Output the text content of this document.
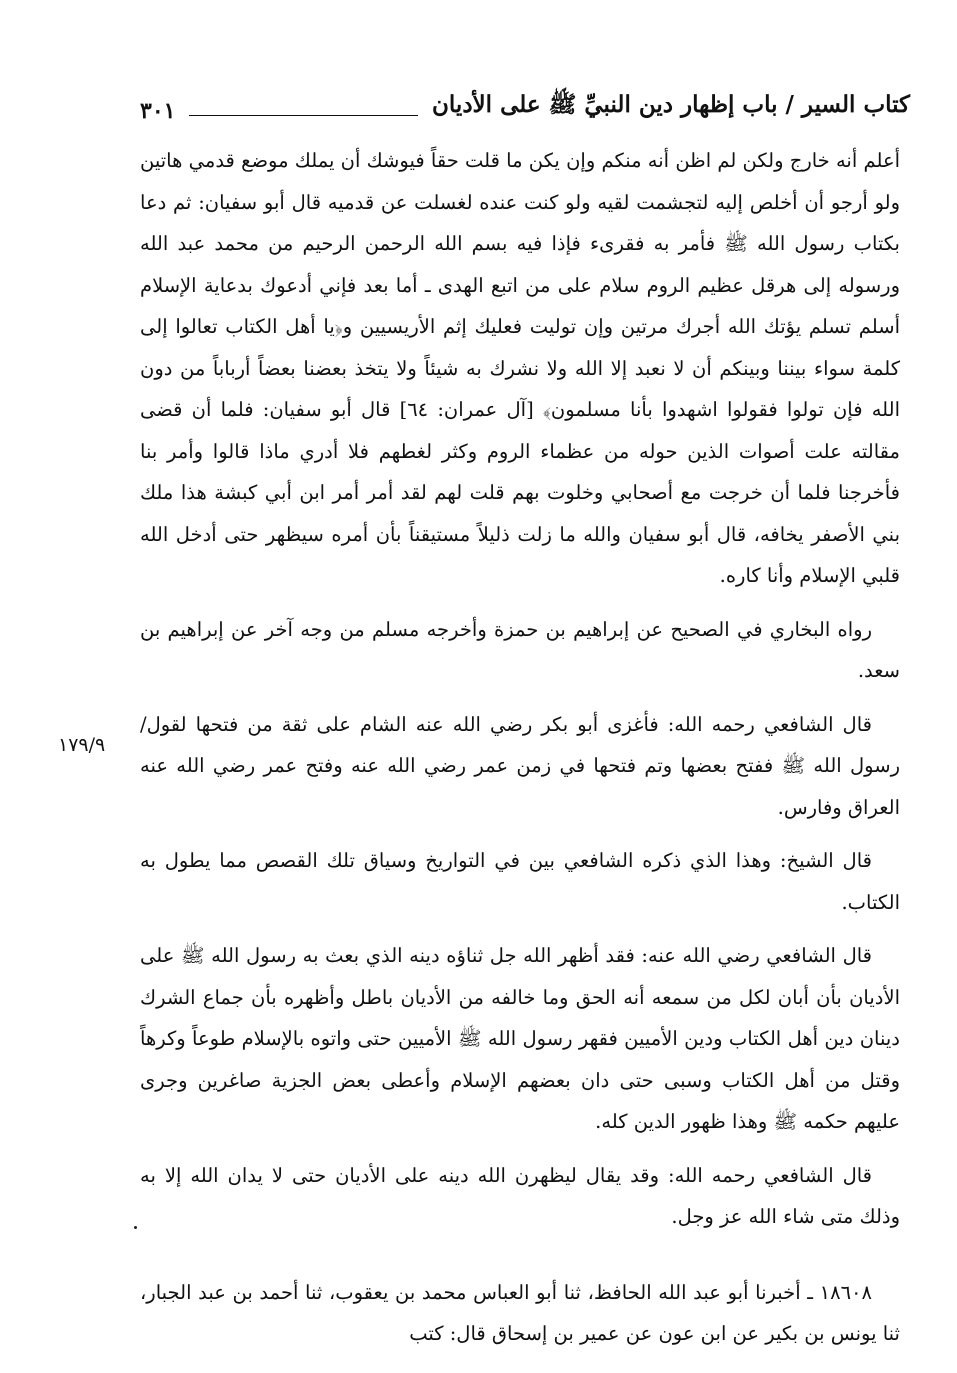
كتاب السير / باب إظهار دين النبيِّ ﷺ على الأديان
٣٠١
١٧٩/٩

أعلم أنه خارج ولكن لم اظن أنه منكم وإن يكن ما قلت حقاً فيوشك أن يملك موضع قدمي هاتين ولو أرجو أن أخلص إليه لتجشمت لقيه ولو كنت عنده لغسلت عن قدميه قال أبو سفيان: ثم دعا بكتاب رسول الله ﷺ فأمر به فقرىء فإذا فيه بسم الله الرحمن الرحيم من محمد عبد الله ورسوله إلى هرقل عظيم الروم سلام على من اتبع الهدى ـ أما بعد فإني أدعوك بدعاية الإسلام أسلم تسلم يؤتك الله أجرك مرتين وإن توليت فعليك إثم الأريسيين و﴿يا أهل الكتاب تعالوا إلى كلمة سواء بيننا وبينكم أن لا نعبد إلا الله ولا نشرك به شيئاً ولا يتخذ بعضنا بعضاً أرباباً من دون الله فإن تولوا فقولوا اشهدوا بأنا مسلمون﴾ [آل عمران: ٦٤] قال أبو سفيان: فلما أن قضى مقالته علت أصوات الذين حوله من عظماء الروم وكثر لغطهم فلا أدري ماذا قالوا وأمر بنا فأخرجنا فلما أن خرجت مع أصحابي وخلوت بهم قلت لهم لقد أمر أمر ابن أبي كبشة هذا ملك بني الأصفر يخافه، قال أبو سفيان والله ما زلت ذليلاً مستيقناً بأن أمره سيظهر حتى أدخل الله قلبي الإسلام وأنا كاره.

رواه البخاري في الصحيح عن إبراهيم بن حمزة وأخرجه مسلم من وجه آخر عن إبراهيم بن سعد.

قال الشافعي رحمه الله: فأغزى أبو بكر رضي الله عنه الشام على ثقة من فتحها لقول/ رسول الله ﷺ ففتح بعضها وتم فتحها في زمن عمر رضي الله عنه وفتح عمر رضي الله عنه العراق وفارس.

قال الشيخ: وهذا الذي ذكره الشافعي بين في التواريخ وسياق تلك القصص مما يطول به الكتاب.

قال الشافعي رضي الله عنه: فقد أظهر الله جل ثناؤه دينه الذي بعث به رسول الله ﷺ على الأديان بأن أبان لكل من سمعه أنه الحق وما خالفه من الأديان باطل وأظهره بأن جماع الشرك دينان دين أهل الكتاب ودين الأميين فقهر رسول الله ﷺ الأميين حتى واتوه بالإسلام طوعاً وكرهاً وقتل من أهل الكتاب وسبى حتى دان بعضهم الإسلام وأعطى بعض الجزية صاغرين وجرى عليهم حكمه ﷺ وهذا ظهور الدين كله.

قال الشافعي رحمه الله: وقد يقال ليظهرن الله دينه على الأديان حتى لا يدان الله إلا به وذلك متى شاء الله عز وجل.

١٨٦٠٨ ـ أخبرنا أبو عبد الله الحافظ، ثنا أبو العباس محمد بن يعقوب، ثنا أحمد بن عبد الجبار، ثنا يونس بن بكير عن ابن عون عن عمير بن إسحاق قال: كتب
